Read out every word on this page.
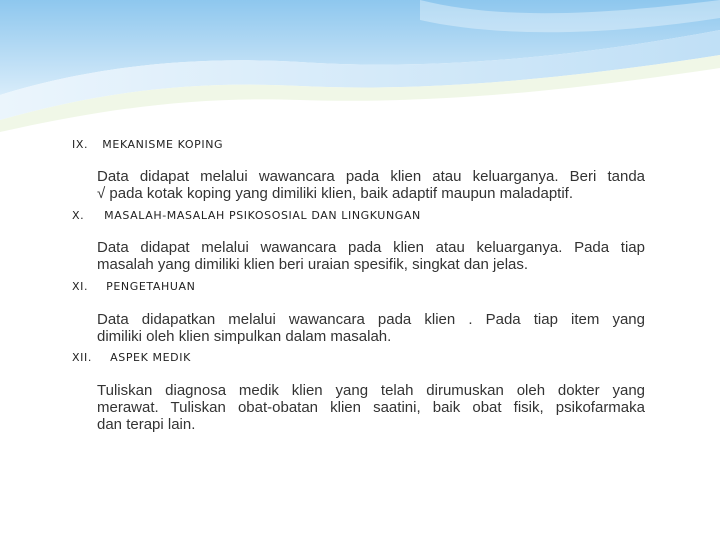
IX. MEKANISME KOPING
Data didapat melalui wawancara pada klien atau keluarganya. Beri tanda
√ pada kotak koping yang dimiliki klien, baik adaptif maupun maladaptif.
X. MASALAH-MASALAH PSIKOSOSIAL DAN LINGKUNGAN
Data didapat melalui wawancara pada klien atau keluarganya. Pada tiap
masalah yang dimiliki klien beri uraian spesifik, singkat dan jelas.
XI. PENGETAHUAN
Data didapatkan melalui wawancara pada klien . Pada tiap item yang
dimiliki oleh klien simpulkan dalam masalah.
XII. ASPEK MEDIK
Tuliskan diagnosa medik klien yang telah dirumuskan oleh dokter yang
merawat. Tuliskan obat-obatan klien saatini, baik obat fisik, psikofarmaka
dan terapi lain.
